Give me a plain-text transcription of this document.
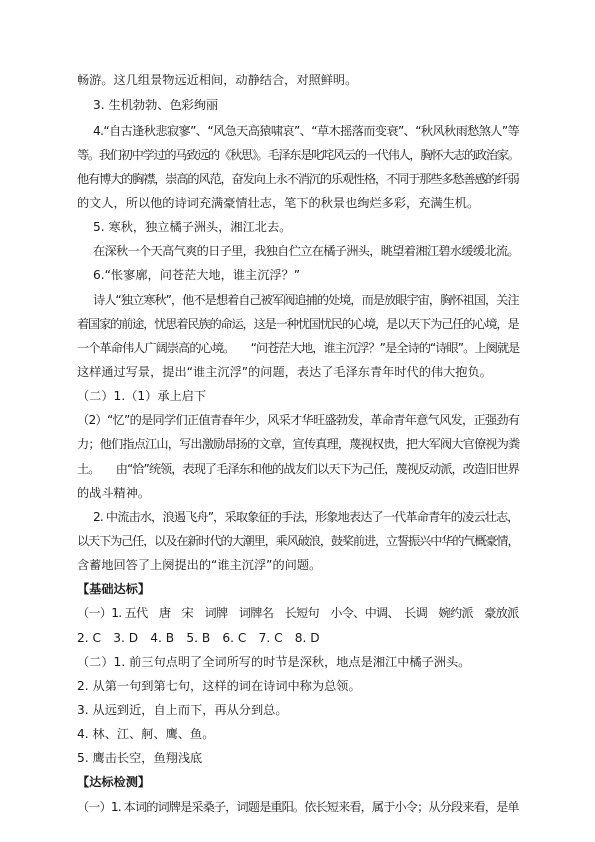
畅游。这几组景物远近相间，动静结合，对照鲜明。
3. 生机勃勃、色彩绚丽
4.“自古逢秋悲寂寥”、“风急天高猿啸哀”、“草木摇落而变衰”、“秋风秋雨愁煞人”等
等。我们初中学过的马致远的《秋思》。毛泽东是叱咤风云的一代伟人，胸怀大志的政治家。
他有博大的胸襟，崇高的风范，奋发向上永不消沉的乐观性格，不同于那些多愁善感的纤弱
的文人，所以他的诗词充满豪情壮志，笔下的秋景也绚烂多彩，充满生机。
5. 寒秋，独立橘子洲头，湘江北去。
在深秋一个天高气爽的日子里，我独自伫立在橘子洲头，眺望着湘江碧水缓缓北流。
6.“怅寥廓，问苍茫大地，谁主沉浮？”
诗人“独立寒秋”，他不是想着自己被军阀追捕的处境，而是放眼宇宙，胸怀祖国，关注
着国家的前途，忧思着民族的命运，这是一种忧国忧民的心境，是以天下为己任的心境，是
一个革命伟人广阔崇高的心境。　　“问苍茫大地，谁主沉浮？”是全诗的“诗眼”。上阕就是
这样通过写景，提出“谁主沉浮”的问题，表达了毛泽东青年时代的伟大抱负。
（二）1.（1）承上启下
（2）“忆”的是同学们正值青春年少，风采才华旺盛勃发，革命青年意气风发，正强劲有
力；他们指点江山，写出激励昂扬的文章，宣传真理，蔑视权贵，把大军阀大官僚视为粪
土。　　由“恰”统领，表现了毛泽东和他的战友们以天下为己任，蔑视反动派，改造旧世界
的战斗精神。
2. 中流击水，浪遏飞舟”，采取象征的手法，形象地表达了一代革命青年的凌云壮志，
以天下为己任，以及在新时代的大潮里，乘风破浪，鼓桨前进，立誓振兴中华的气概豪情，
含蓄地回答了上阕提出的“谁主沉浮”的问题。
【基础达标】
（一）1. 五代　唐　宋　词牌　词牌名　长短句　小令、中调、　长调　婉约派　豪放派
2. C　3. D　4. B　5. B　6. C　7. C　8. D
（二）1. 前三句点明了全词所写的时节是深秋，地点是湘江中橘子洲头。
2. 从第一句到第七句，这样的词在诗词中称为总领。
3. 从远到近，自上而下，再从分到总。
4. 林、江、舸、鹰、鱼。
5. 鹰击长空，鱼翔浅底
【达标检测】
（一）1. 本词的词牌是采桑子，词题是重阳。依长短来看，属于小令；从分段来看，是单
